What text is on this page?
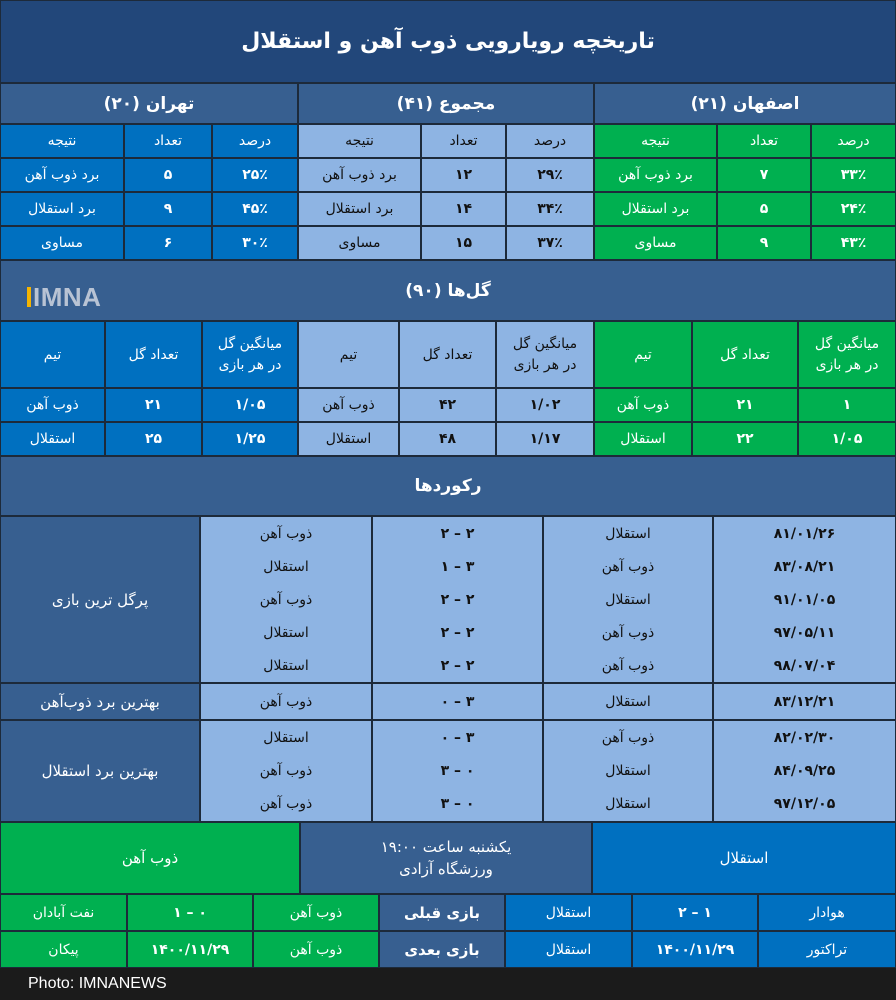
تاریخچه رویارویی ذوب آهن و استقلال
اصفهان (۲۱)
مجموع (۴۱)
تهران (۲۰)
درصد
تعداد
نتیجه
۳۳٪
۷
برد ذوب آهن
۲۴٪
۵
برد استقلال
۴۳٪
۹
مساوی
درصد
تعداد
نتیجه
۲۹٪
۱۲
برد ذوب آهن
۳۴٪
۱۴
برد استقلال
۳۷٪
۱۵
مساوی
درصد
تعداد
نتیجه
۲۵٪
۵
برد ذوب آهن
۴۵٪
۹
برد استقلال
۳۰٪
۶
مساوی
گل‌ها (۹۰)
IMNA
میانگین گل
در هر بازی
تعداد گل
تیم
۱
۲۱
ذوب آهن
۱/۰۵
۲۲
استقلال
میانگین گل
در هر بازی
تعداد گل
تیم
۱/۰۲
۴۲
ذوب آهن
۱/۱۷
۴۸
استقلال
میانگین گل
در هر بازی
تعداد گل
تیم
۱/۰۵
۲۱
ذوب آهن
۱/۲۵
۲۵
استقلال
رکوردها
۸۱/۰۱/۲۶
۸۳/۰۸/۲۱
۹۱/۰۱/۰۵
۹۷/۰۵/۱۱
۹۸/۰۷/۰۴
استقلال
ذوب آهن
استقلال
ذوب آهن
ذوب آهن
۲ – ۲
۳ – ۱
۲ – ۲
۲ – ۲
۲ – ۲
ذوب آهن
استقلال
ذوب آهن
استقلال
استقلال
پرگل ترین بازی
۸۳/۱۲/۲۱
استقلال
۳ – ۰
ذوب آهن
بهترین برد ذوب‌آهن
۸۲/۰۲/۳۰
۸۴/۰۹/۲۵
۹۷/۱۲/۰۵
ذوب آهن
استقلال
استقلال
۳ – ۰
۰ – ۳
۰ – ۳
استقلال
ذوب آهن
ذوب آهن
بهترین برد استقلال
استقلال
یکشنبه ساعت ۱۹:۰۰
ورزشگاه آزادی
ذوب آهن
هوادار
۱ – ۲
استقلال
تراکتور
۱۴۰۰/۱۱/۲۹
استقلال
بازی قبلی
بازی بعدی
ذوب آهن
۰ – ۱
نفت آبادان
ذوب آهن
۱۴۰۰/۱۱/۲۹
پیکان
Photo: IMNANEWS
